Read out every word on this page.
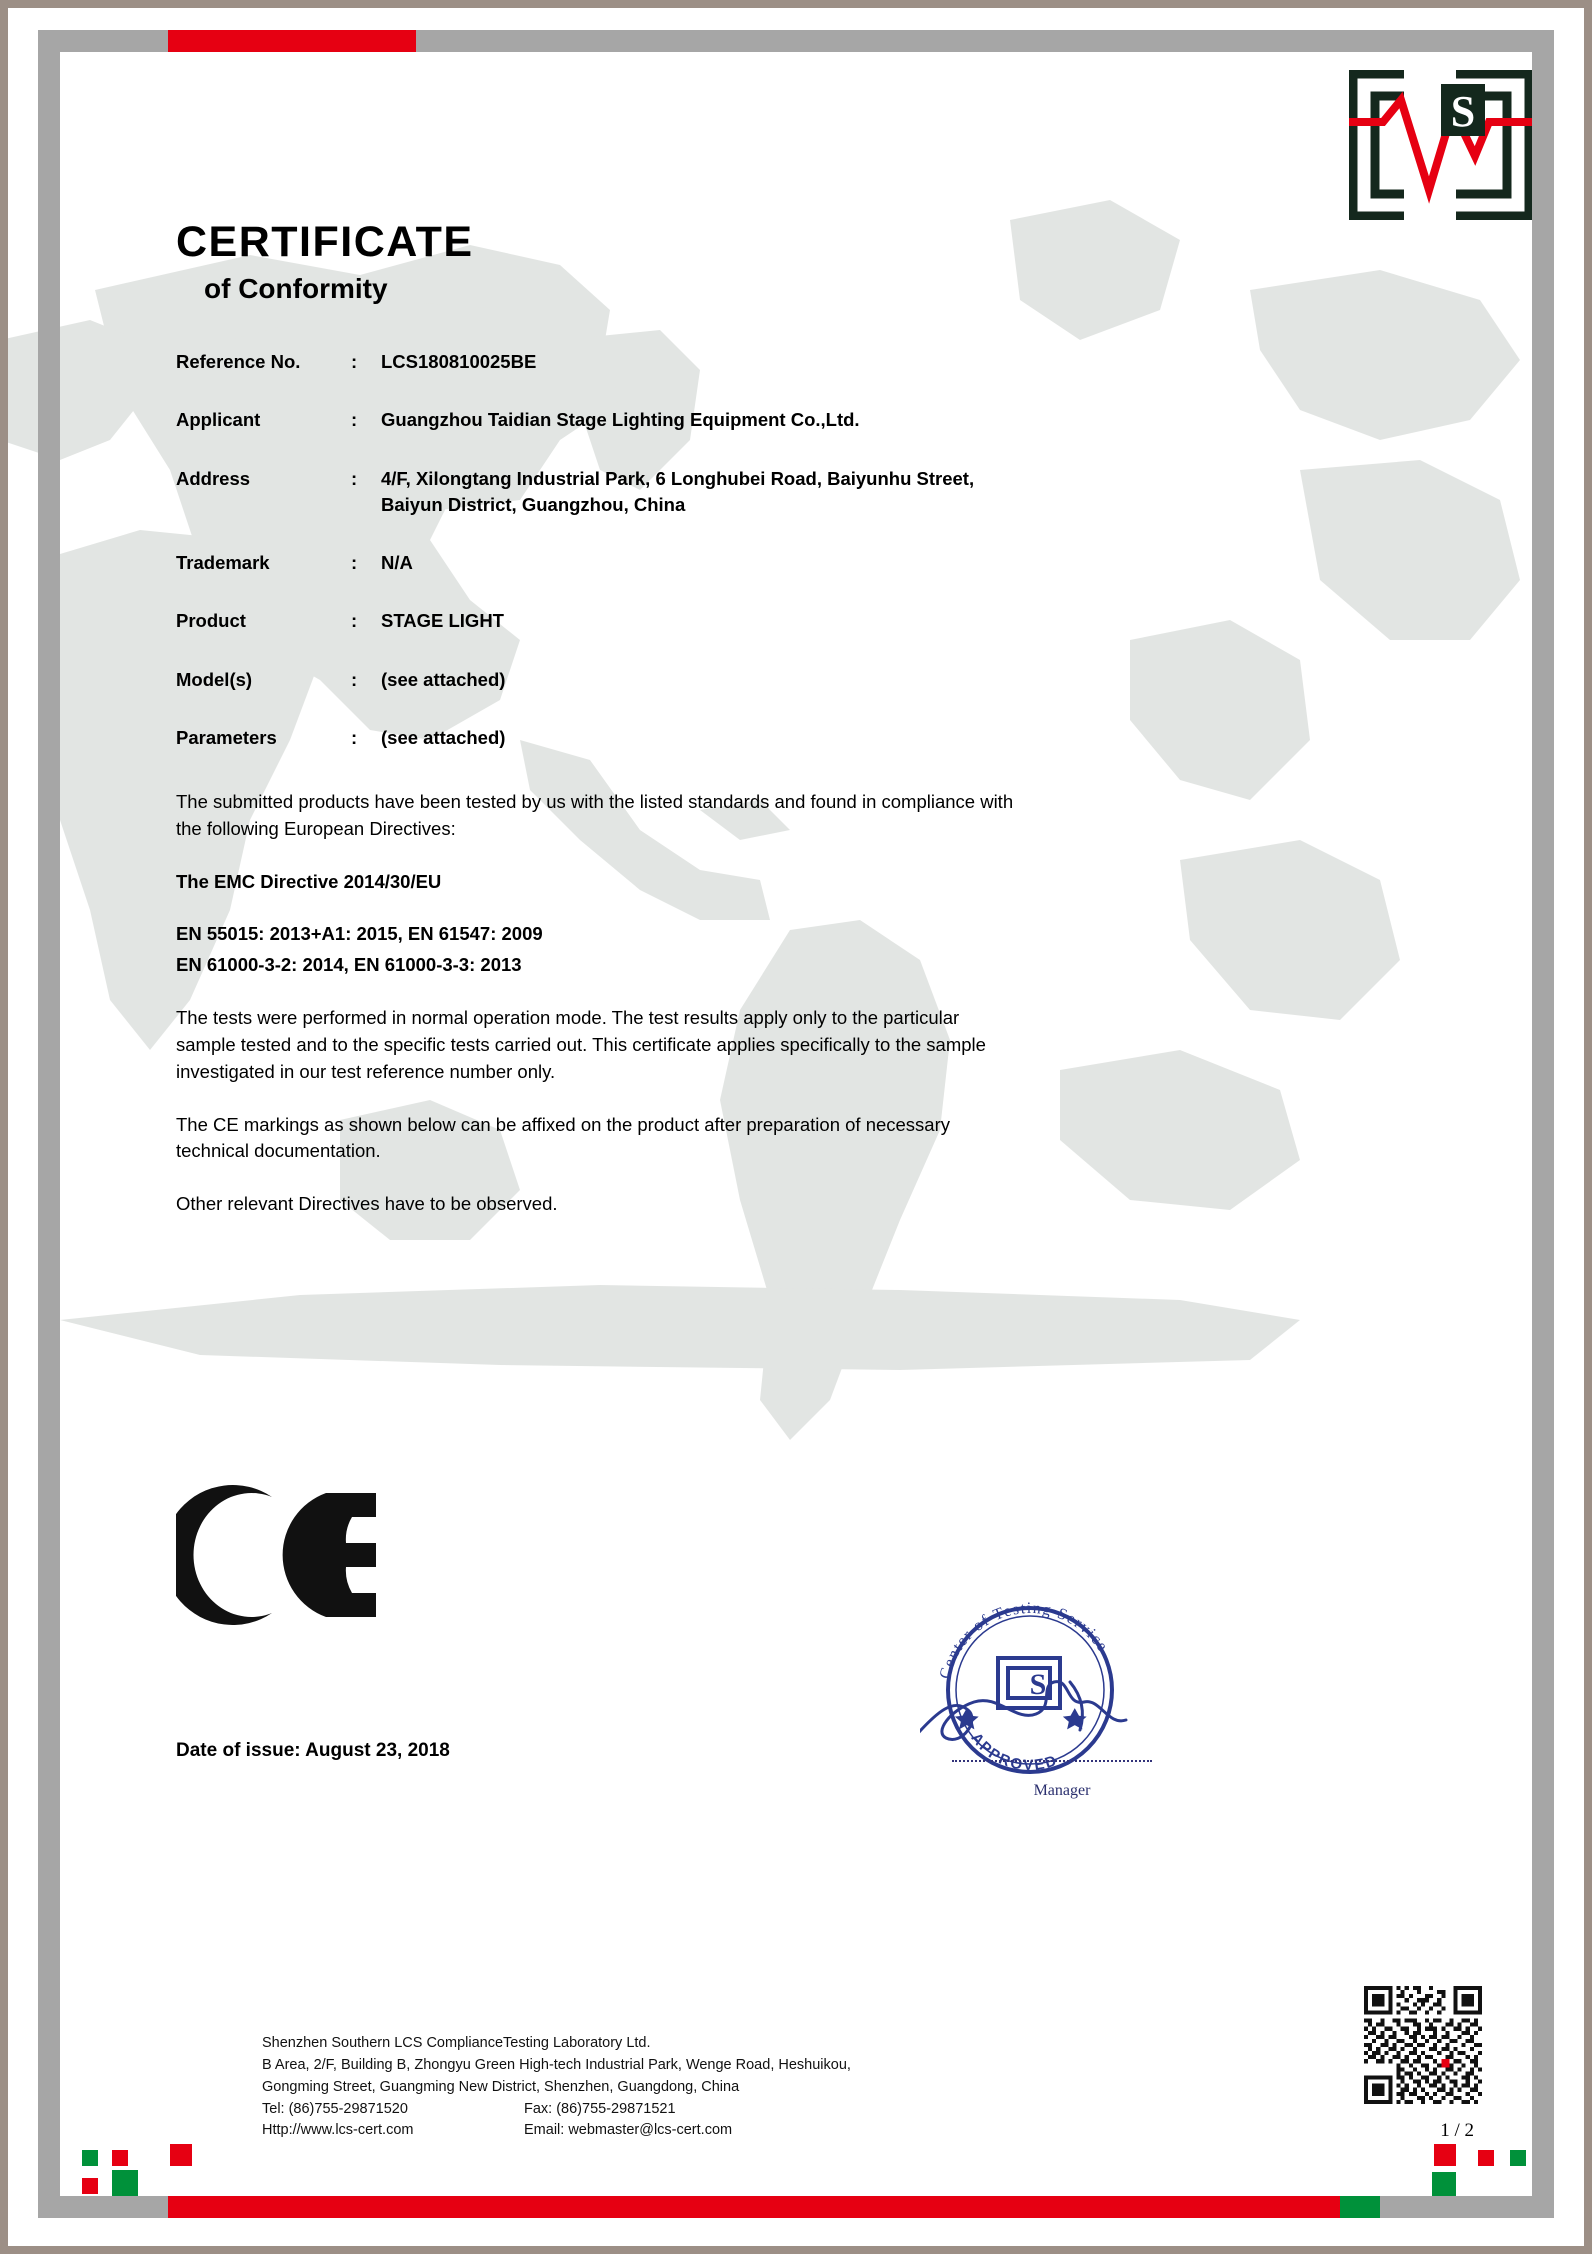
S
CERTIFICATE
of Conformity
Reference No.	:	LCS180810025BE
Applicant	:	Guangzhou Taidian Stage Lighting Equipment Co.,Ltd.
Address	:	4/F, Xilongtang Industrial Park, 6 Longhubei Road, Baiyunhu Street, Baiyun District, Guangzhou, China
Trademark	:	N/A
Product	:	STAGE LIGHT
Model(s)	:	(see attached)
Parameters	:	(see attached)

The submitted products have been tested by us with the listed standards and found in compliance with the following European Directives:

The EMC Directive 2014/30/EU

EN 55015: 2013+A1: 2015, EN 61547: 2009

EN 61000-3-2: 2014, EN 61000-3-3: 2013

The tests were performed in normal operation mode. The test results apply only to the particular sample tested and to the specific tests carried out. This certificate applies specifically to the sample investigated in our test reference number only.

The CE markings as shown below can be affixed on the product after preparation of necessary technical documentation.

Other relevant Directives have to be observed.

Date of issue: August 23, 2018
Center of Testing Service
APPROVED
S
Manager
Shenzhen Southern LCS ComplianceTesting Laboratory Ltd.
B Area, 2/F, Building B, Zhongyu Green High-tech Industrial Park, Wenge Road, Heshuikou,
Gongming Street, Guangming New District, Shenzhen, Guangdong, China
Tel: (86)755-29871520	Fax: (86)755-29871521
Http://www.lcs-cert.com	Email: webmaster@lcs-cert.com	1 / 2
